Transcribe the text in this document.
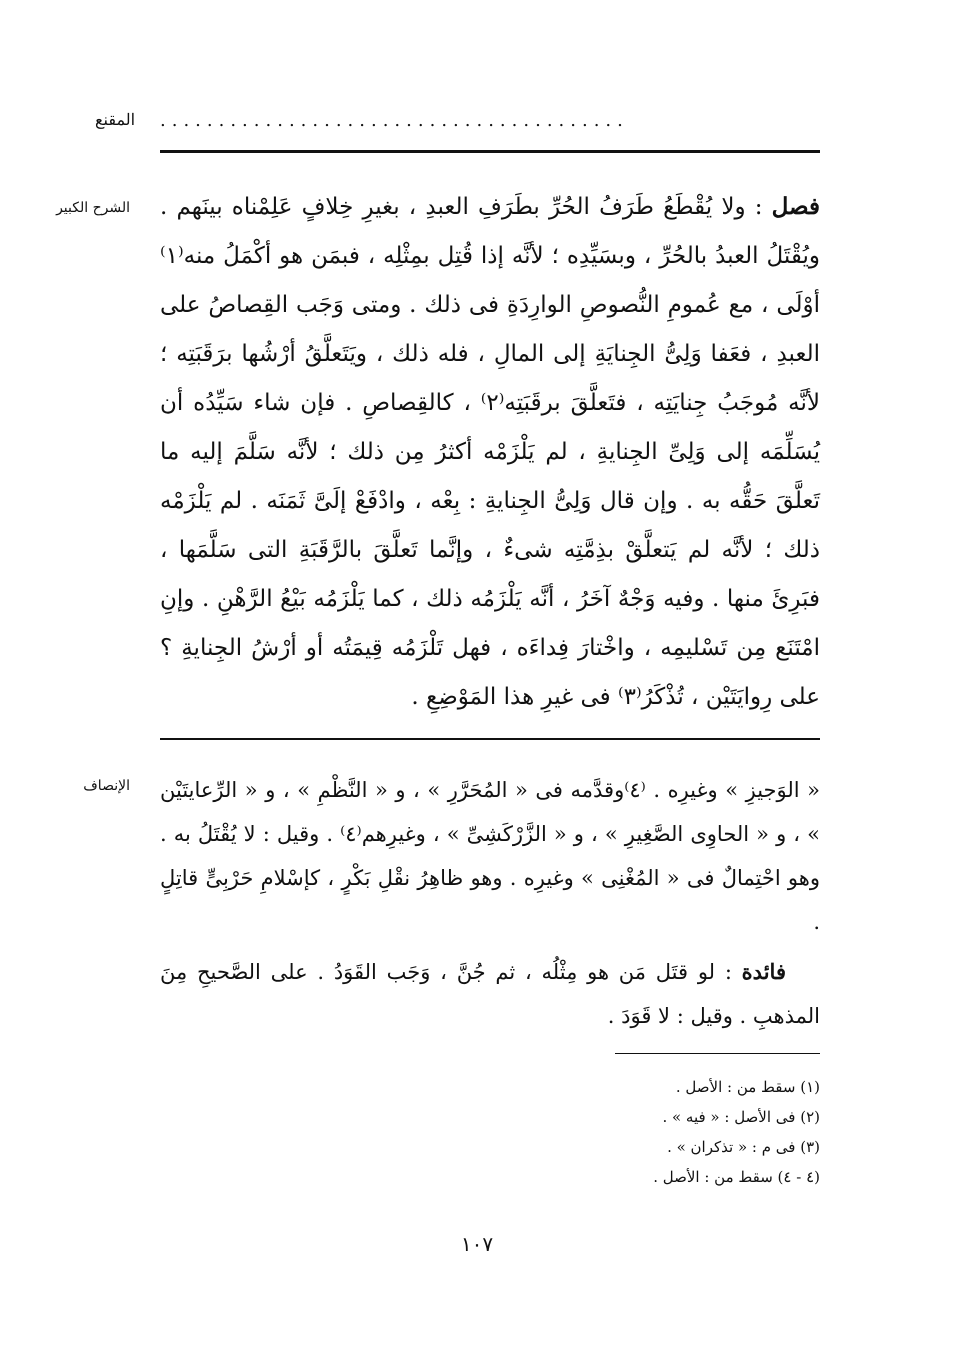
المقنع ........................................
الشرح الكبير	فصل : ولا يُقْطَعُ طَرَفُ الحُرِّ بطَرَفِ العبدِ ، بغيرِ خِلافٍ عَلِمْناه بينَهم . ويُقْتَلُ العبدُ بالحُرِّ ، وبسَيِّدِه ؛ لأنَّه إذا قُتِل بمِثْلِه ، فبمَن هو أكْمَلُ منه⁽١⁾ أوْلَى ، مع عُمومِ النُّصوصِ الوارِدَةِ فى ذلك . ومتى وَجَب القِصاصُ على العبدِ ، فعَفا وَلِىُّ الجِنايَةِ إلى المالِ ، فله ذلك ، ويَتَعلَّقُ أرْشُها برَقَبَتِه ؛ لأنَّه مُوجَبُ جِنايَتِه ، فتَعلَّقَ برقَبَتِه⁽٢⁾ ، كالقِصاصِ . فإن شاء سَيِّدُه أن يُسَلِّمَه إلى وَلِىِّ الجِنايةِ ، لم يَلْزَمْه أكثرُ مِن ذلك ؛ لأنَّه سَلَّمَ إليه ما تَعلَّقَ حَقُّه به . وإن قال وَلِىُّ الجِنايةِ : بِعْه ، وادْفَعْ إلَىَّ ثَمَنَه . لم يَلْزَمْه ذلك ؛ لأنَّه لم يَتعلَّقْ بذِمَّتِه شىءٌ ، وإنَّما تَعلَّقَ بالرَّقَبَةِ التى سَلَّمَها ، فبَرِئَ منها . وفيه وَجْهٌ آخَرُ ، أنَّه يَلْزَمُه ذلك ، كما يَلْزَمُه بَيْعُ الرَّهْنِ . وإنِ امْتَنَع مِن تَسْليمِه ، واخْتارَ فِداءَه ، فهل تَلْزَمُه قِيمَتُه أو أرْشُ الجِنايةِ ؟ على رِوايَتَيْن ، تُذْكَرُ⁽٣⁾ فى غيرِ هذا المَوْضِعِ .
الإنصاف « الوَجيزِ » وغيرِه . ⁽٤⁾وقدَّمه فى « المُحَرَّرِ » ، و « النَّظْمِ » ، و « الرِّعايتَيْن » ، و « الحاوِى الصَّغِيرِ » ، و « الزَّرْكَشِىِّ » ، وغيرِهم⁽٤⁾ . وقيل : لا يُقْتَلُ به . وهو احْتِمالٌ فى « المُغْنِى » وغيرِه . وهو ظاهِرُ نقْلِ بَكْرٍ ، كإسْلامِ حَرْبِىٍّ قاتِلٍ .

فائدة : لو قتَل مَن هو مِثْلُه ، ثم جُنَّ ، وَجَب القَوَدُ . على الصَّحيحِ مِنَ المذهبِ . وقيل : لا قَوَدَ .

(١) سقط من : الأصل .
(٢) فى الأصل : « فيه » .
(٣) فى م : « تذكران » .
(٤ - ٤) سقط من : الأصل .
١٠٧
